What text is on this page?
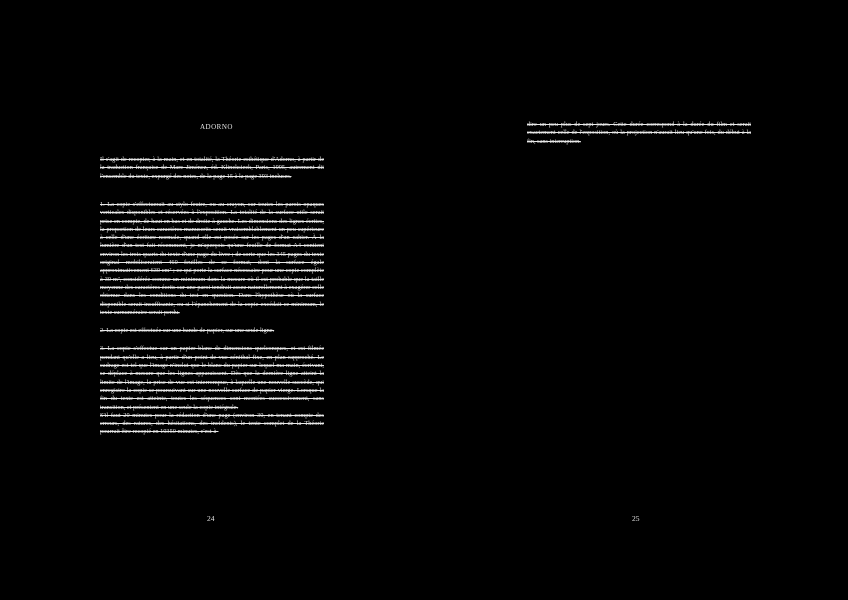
ADORNO

Il s'agit de recopier, à la main, et en totalité, la Théorie esthétique d'Adorno, à partir de la traduction française de Marc Jiménez, éd. Klincksieck, Paris, 1995, autrement dit l'ensemble du texte, expurgé des notes, de la page 15 à la page 393 incluses.

1. La copie s'effectuerait au stylo feutre, ou au crayon, sur toutes les parois opaques verticales disponibles et réservées à l'exposition. La totalité de la surface utile serait prise en compte, de haut en bas et de droite à gauche. Les dimensions des lignes écrites, la proportion de leurs caractères manuscrits serait vraisemblablement un peu supérieure à celle d'une écriture normale, quand elle est posée sur les pages d'un cahier. À la lumière d'un test fait récemment, je m'aperçois qu'une feuille de format A4 contient environ les trois quarts du texte d'une page du livre ; de sorte que les 345 pages du texte original mobiliseraient 460 feuilles de ce format, dont la surface égale approximativement 630 cm² ; ce qui porte la surface nécessaire pour une copie complète à 30 m², considérée comme un minimum dans la mesure où il est probable que la taille moyenne des caractères écrits sur une paroi tendrait assez naturellement à exagérer celle obtenue dans les conditions du test en question. Dans l'hypothèse où la surface disponible serait insuffisante, ou si l'épanchement de la copie excédait ce minimum, le texte surnuméraire serait perdu.

2. La copie est effectuée sur une bande de papier, sur une seule ligne.

3. La copie s'effectue sur un papier blanc de dimensions quelconques, et est filmée pendant qu'elle a lieu, à partir d'un point de vue zénithal fixe, en plan rapproché. Le cadrage est tel que l'image n'inclut que le blanc du papier sur lequel ma main, écrivant, se déplace à mesure que les lignes apparaissent. Dès que la dernière ligne atteint la limite de l'image, la prise de vue est interrompue, à laquelle une nouvelle succède, qui enregistre la copie se poursuivant sur une nouvelle surface de papier vierge. Lorsque la fin du texte est atteinte, toutes les séquences sont montées successivement, sans transition, et présentent en une seule la copie intégrale.

S'il faut 20 minutes pour la rédaction d'une page (environ 30, en tenant compte des erreurs, des ratures, des hésitations, des incidents), le texte complet de la Théorie pourrait être recopié en 10350 minutes, c'est-à-

24

dire un peu plus de sept jours. Cette durée correspond à la durée du film et serait exactement celle de l'exposition, où la projection n'aurait lieu qu'une fois, du début à la fin, sans interruption.

25
